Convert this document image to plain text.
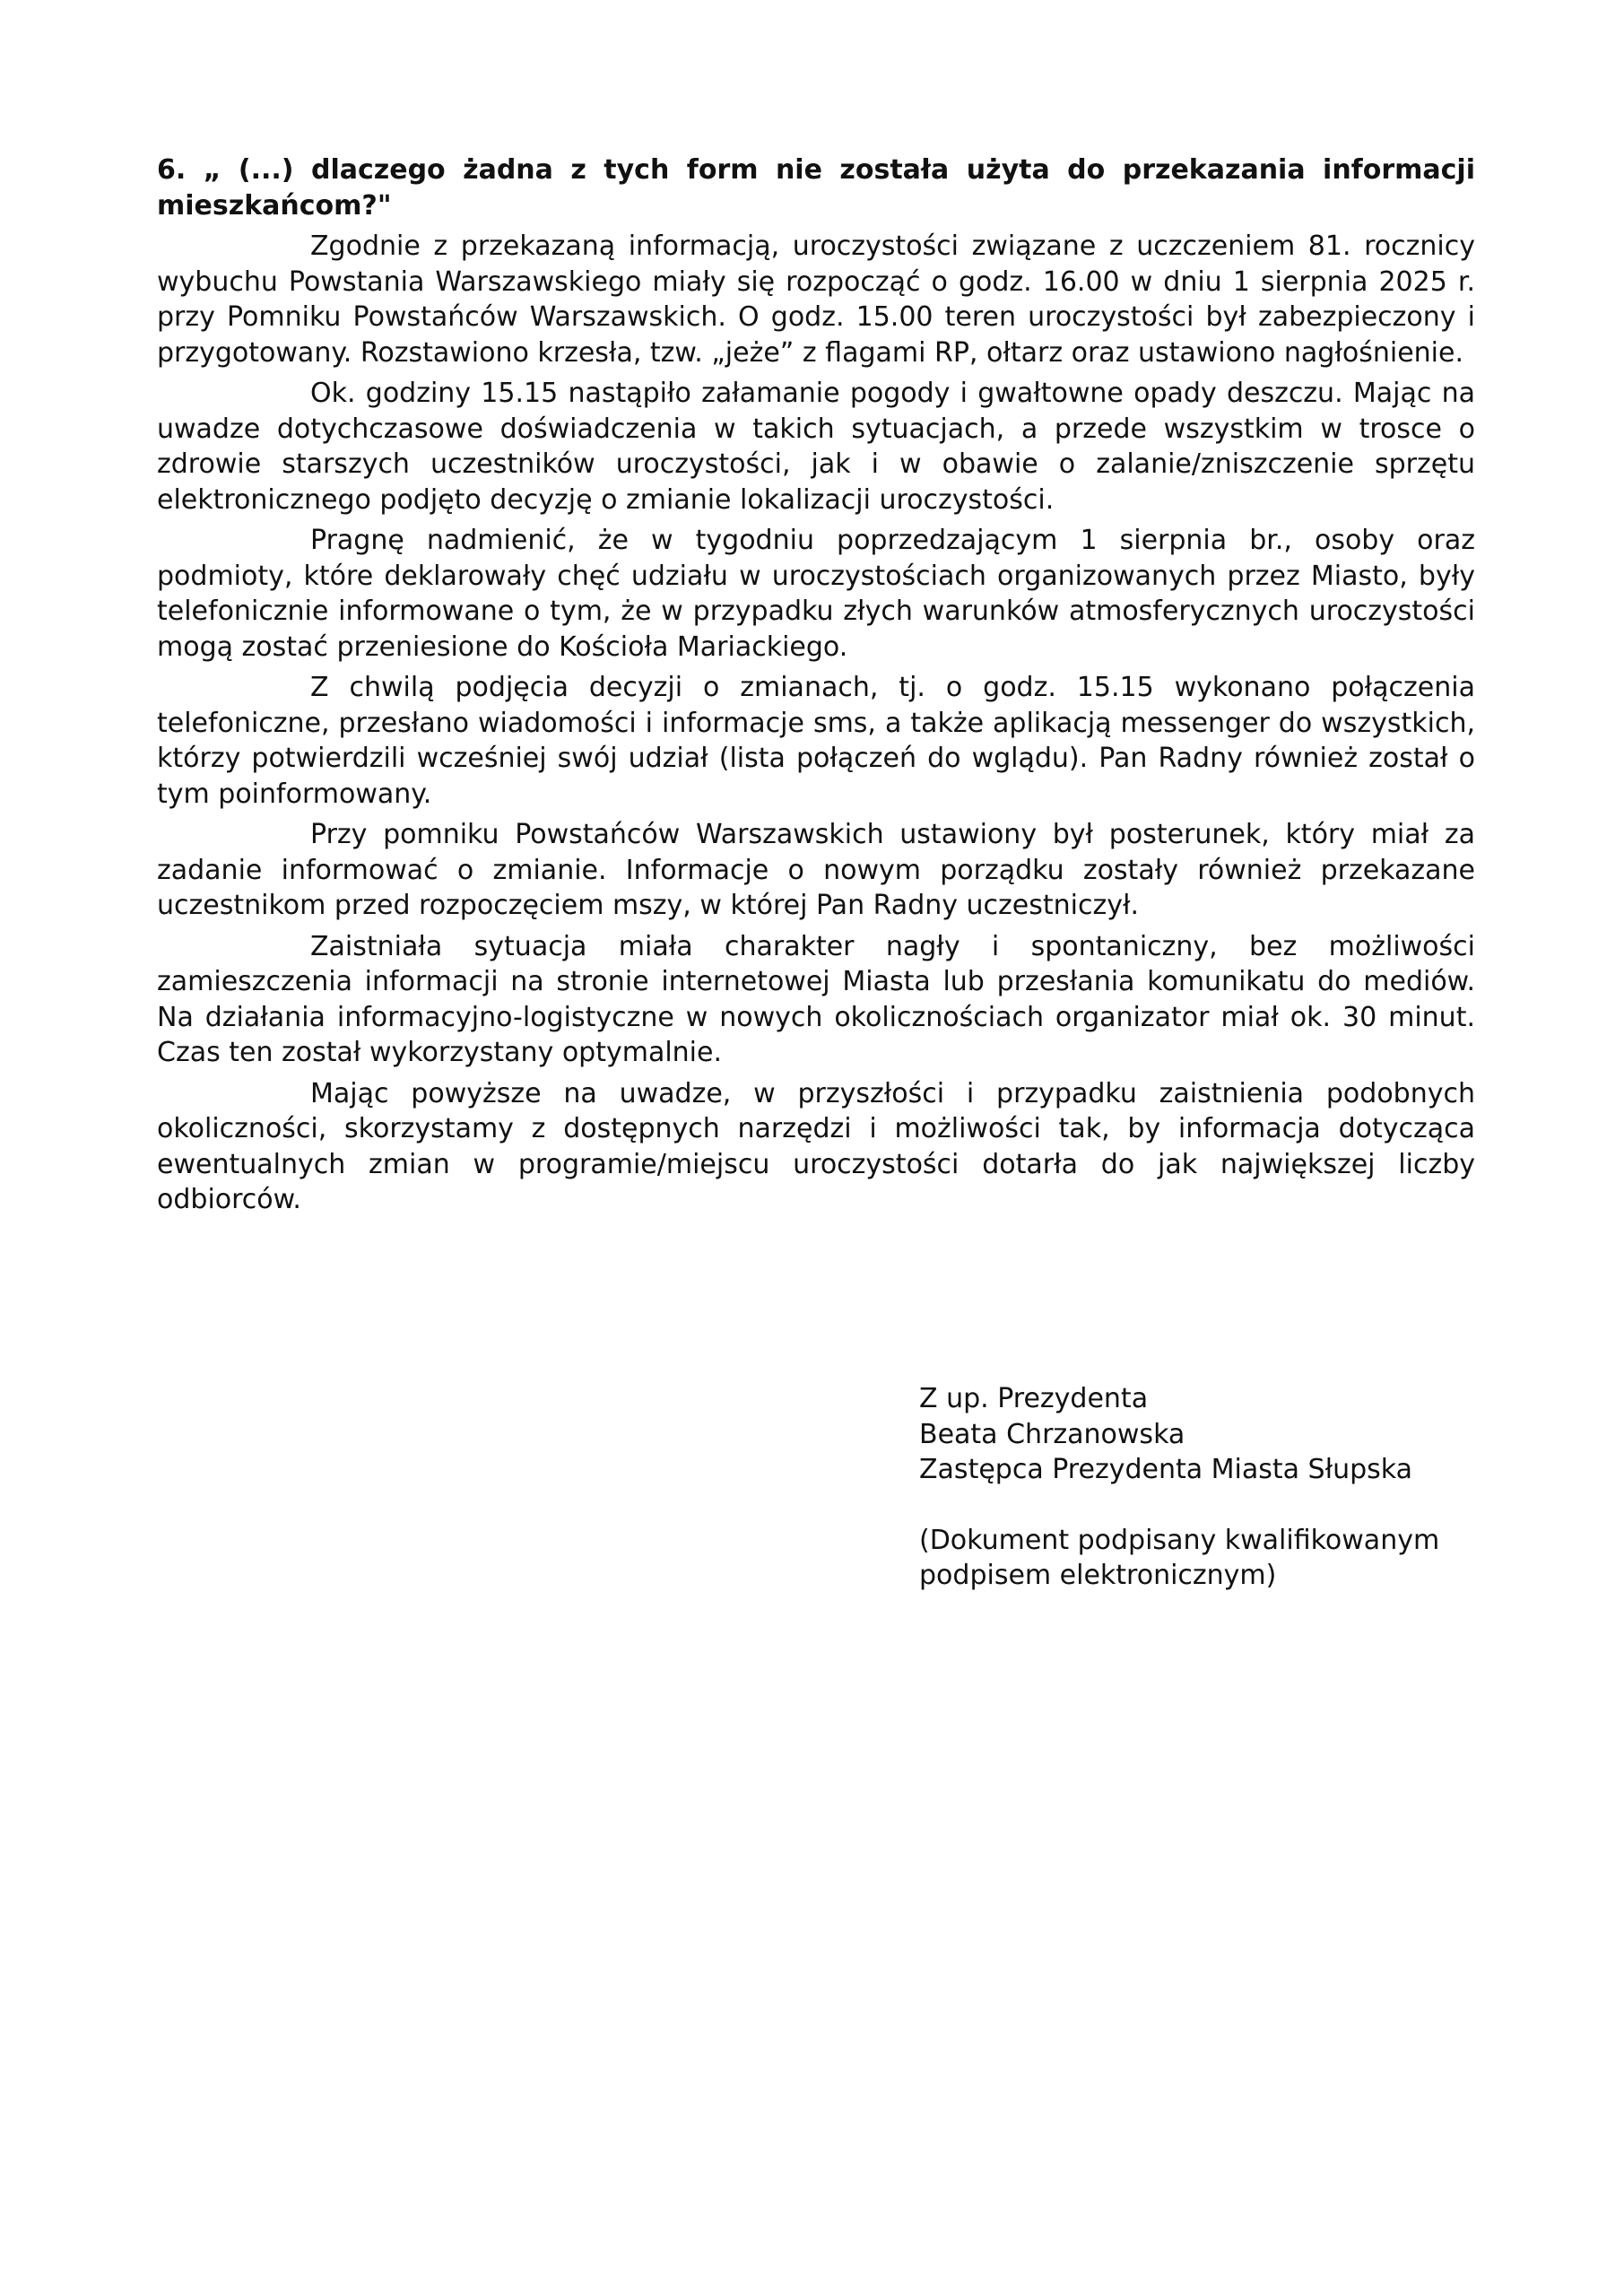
6. „ (...) dlaczego żadna z tych form nie została użyta do przekazania informacji mieszkańcom?"

Zgodnie z przekazaną informacją, uroczystości związane z uczczeniem 81. rocznicy wybuchu Powstania Warszawskiego miały się rozpocząć o godz. 16.00 w dniu 1 sierpnia 2025 r. przy Pomniku Powstańców Warszawskich. O godz. 15.00 teren uroczystości był zabezpieczony i przygotowany. Rozstawiono krzesła, tzw. „jeże” z flagami RP, ołtarz oraz ustawiono nagłośnienie.

Ok. godziny 15.15 nastąpiło załamanie pogody i gwałtowne opady deszczu. Mając na uwadze dotychczasowe doświadczenia w takich sytuacjach, a przede wszystkim w trosce o zdrowie starszych uczestników uroczystości, jak i w obawie o zalanie/zniszczenie sprzętu elektronicznego podjęto decyzję o zmianie lokalizacji uroczystości.

Pragnę nadmienić, że w tygodniu poprzedzającym 1 sierpnia br., osoby oraz podmioty, które deklarowały chęć udziału w uroczystościach organizowanych przez Miasto, były telefonicznie informowane o tym, że w przypadku złych warunków atmosferycznych uroczystości mogą zostać przeniesione do Kościoła Mariackiego.

Z chwilą podjęcia decyzji o zmianach, tj. o godz. 15.15 wykonano połączenia telefoniczne, przesłano wiadomości i informacje sms, a także aplikacją messenger do wszystkich, którzy potwierdzili wcześniej swój udział (lista połączeń do wglądu). Pan Radny również został o tym poinformowany.

Przy pomniku Powstańców Warszawskich ustawiony był posterunek, który miał za zadanie informować o zmianie. Informacje o nowym porządku zostały również przekazane uczestnikom przed rozpoczęciem mszy, w której Pan Radny uczestniczył.

Zaistniała sytuacja miała charakter nagły i spontaniczny, bez możliwości zamieszczenia informacji na stronie internetowej Miasta lub przesłania komunikatu do mediów. Na działania informacyjno-logistyczne w nowych okolicznościach organizator miał ok. 30 minut. Czas ten został wykorzystany optymalnie.

Mając powyższe na uwadze, w przyszłości i przypadku zaistnienia podobnych okoliczności, skorzystamy z dostępnych narzędzi i możliwości tak, by informacja dotycząca ewentualnych zmian w programie/miejscu uroczystości dotarła do jak największej liczby odbiorców.

Z up. Prezydenta

Beata Chrzanowska

Zastępca Prezydenta Miasta Słupska

(Dokument podpisany kwalifikowanym

podpisem elektronicznym)
